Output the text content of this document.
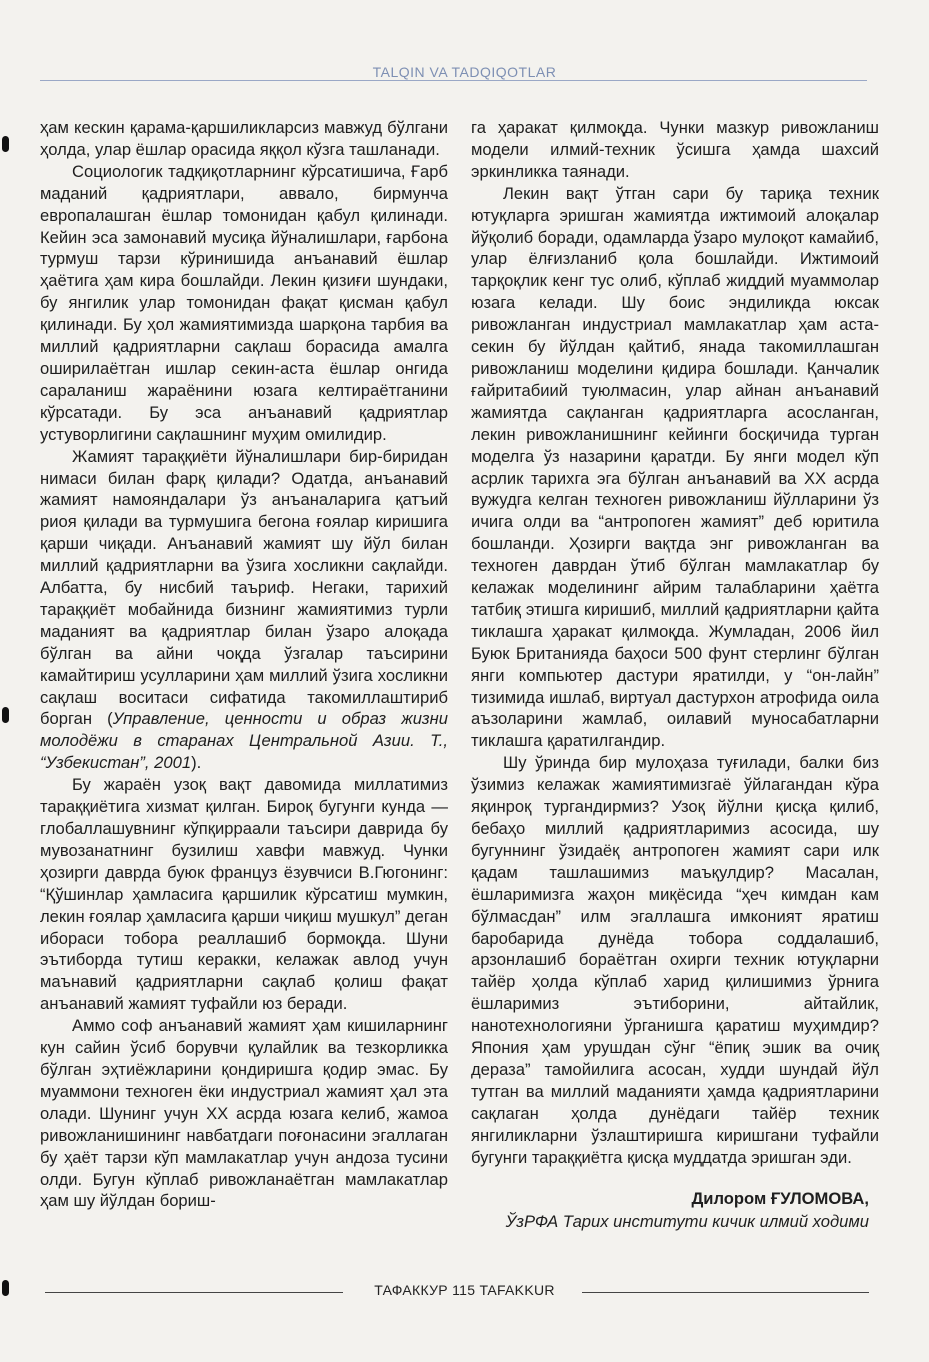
TALQIN VA TADQIQOTLAR

ҳам кескин қарама-қаршиликларсиз мавжуд бўлгани ҳолда, улар ёшлар орасида яққол кўзга ташланади.

Социологик тадқиқотларнинг кўрсатишича, Ғарб маданий қадриятлари, аввало, бирмунча европалашган ёшлар томонидан қабул қилинади. Кейин эса замонавий мусиқа йўналишлари, ғарбона турмуш тарзи кўринишида анъанавий ёшлар ҳаётига ҳам кира бошлайди. Лекин қизиғи шундаки, бу янгилик улар томонидан фақат қисман қабул қилинади. Бу ҳол жамиятимизда шарқона тарбия ва миллий қадриятларни сақлаш борасида амалга оширилаётган ишлар секин-аста ёшлар онгида сараланиш жараёнини юзага келтираётганини кўрсатади. Бу эса анъанавий қадриятлар устуворлигини сақлашнинг муҳим омилидир.

Жамият тараққиёти йўналишлари бир-биридан нимаси билан фарқ қилади? Одатда, анъанавий жамият намояндалари ўз анъаналарига қатъий риоя қилади ва турмушига бегона ғоялар киришига қарши чиқади. Анъанавий жамият шу йўл билан миллий қадриятларни ва ўзига хосликни сақлайди. Албатта, бу нисбий таъриф. Негаки, тарихий тараққиёт мобайнида бизнинг жамиятимиз турли маданият ва қадриятлар билан ўзаро алоқада бўлган ва айни чоқда ўзгалар таъсирини камайтириш усулларини ҳам миллий ўзига хосликни сақлаш воситаси сифатида такомиллаштириб борган (Управление, ценности и образ жизни молодёжи в старанах Центральной Азии. Т., “Узбекистан”, 2001).

Бу жараён узоқ вақт давомида миллатимиз тараққиётига хизмат қилган. Бироқ бугунги кунда — глобаллашувнинг кўпқирраали таъсири даврида бу мувозанатнинг бузилиш хавфи мавжуд. Чунки ҳозирги даврда буюк француз ёзувчиси В.Гюгонинг: “Қўшинлар ҳамласига қаршилик кўрсатиш мумкин, лекин ғоялар ҳамласига қарши чиқиш мушкул” деган ибораси тобора реаллашиб бормоқда. Шуни эътиборда тутиш керакки, келажак авлод учун маънавий қадриятларни сақлаб қолиш фақат анъанавий жамият туфайли юз беради.

Аммо соф анъанавий жамият ҳам кишиларнинг кун сайин ўсиб борувчи қулайлик ва тезкорликка бўлган эҳтиёжларини қондиришга қодир эмас. Бу муаммони техноген ёки индустриал жамият ҳал эта олади. Шунинг учун ХХ асрда юзага келиб, жамоа ривожланишининг навбатдаги поғонасини эгаллаган бу ҳаёт тарзи кўп мамлакатлар учун андоза тусини олди. Бугун кўплаб ривожланаётган мамлакатлар ҳам шу йўлдан бориш-

га ҳаракат қилмоқда. Чунки мазкур ривожланиш модели илмий-техник ўсишга ҳамда шахсий эркинликка таянади.

Лекин вақт ўтган сари бу тариқа техник ютуқларга эришган жамиятда ижтимоий алоқалар йўқолиб боради, одамларда ўзаро мулоқот камайиб, улар ёлғизланиб қола бошлайди. Ижтимоий тарқоқлик кенг тус олиб, кўплаб жиддий муаммолар юзага келади. Шу боис эндиликда юксак ривожланган индустриал мамлакатлар ҳам аста-секин бу йўлдан қайтиб, янада такомиллашган ривожланиш моделини қидира бошлади. Қанчалик ғайритабиий туюлмасин, улар айнан анъанавий жамиятда сақланган қадриятларга асосланган, лекин ривожланишнинг кейинги босқичида турган моделга ўз назарини қаратди. Бу янги модел кўп асрлик тарихга эга бўлган анъанавий ва ХХ асрда вужудга келган техноген ривожланиш йўлларини ўз ичига олди ва “антропоген жамият” деб юритила бошланди. Ҳозирги вақтда энг ривожланган ва техноген даврдан ўтиб бўлган мамлакатлар бу келажак моделининг айрим талабларини ҳаётга татбиқ этишга киришиб, миллий қадриятларни қайта тиклашга ҳаракат қилмоқда. Жумладан, 2006 йил Буюк Британияда баҳоси 500 фунт стерлинг бўлган янги компьютер дастури яратилди, у “он-лайн” тизимида ишлаб, виртуал дастурхон атрофида оила аъзоларини жамлаб, оилавий муносабатларни тиклашга қаратилгандир.

Шу ўринда бир мулоҳаза туғилади, балки биз ўзимиз келажак жамиятимизгаё ўйлагандан кўра яқинроқ тургандирмиз? Узоқ йўлни қисқа қилиб, бебаҳо миллий қадриятларимиз асосида, шу бугуннинг ўзидаёқ антропоген жамият сари илк қадам ташлашимиз маъқулдир? Масалан, ёшларимизга жаҳон миқёсида “ҳеч кимдан кам бўлмасдан” илм эгаллашга имконият яратиш баробарида дунёда тобора соддалашиб, арзонлашиб бораётган охирги техник ютуқларни тайёр ҳолда кўплаб харид қилишимиз ўрнига ёшларимиз эътиборини, айтайлик, нанотехнологияни ўрганишга қаратиш муҳимдир? Япония ҳам урушдан сўнг “ёпиқ эшик ва очиқ дераза” тамойилига асосан, худди шундай йўл тутган ва миллий маданияти ҳамда қадриятларини сақлаган ҳолда дунёдаги тайёр техник янгиликларни ўзлаштиришга киришгани туфайли бугунги тараққиётга қисқа муддатда эришган эди.

Дилором ҒУЛОМОВА,
ЎзРФА Тарих институти кичик илмий ходими
ТАФАККУР 115 TAFAKKUR
